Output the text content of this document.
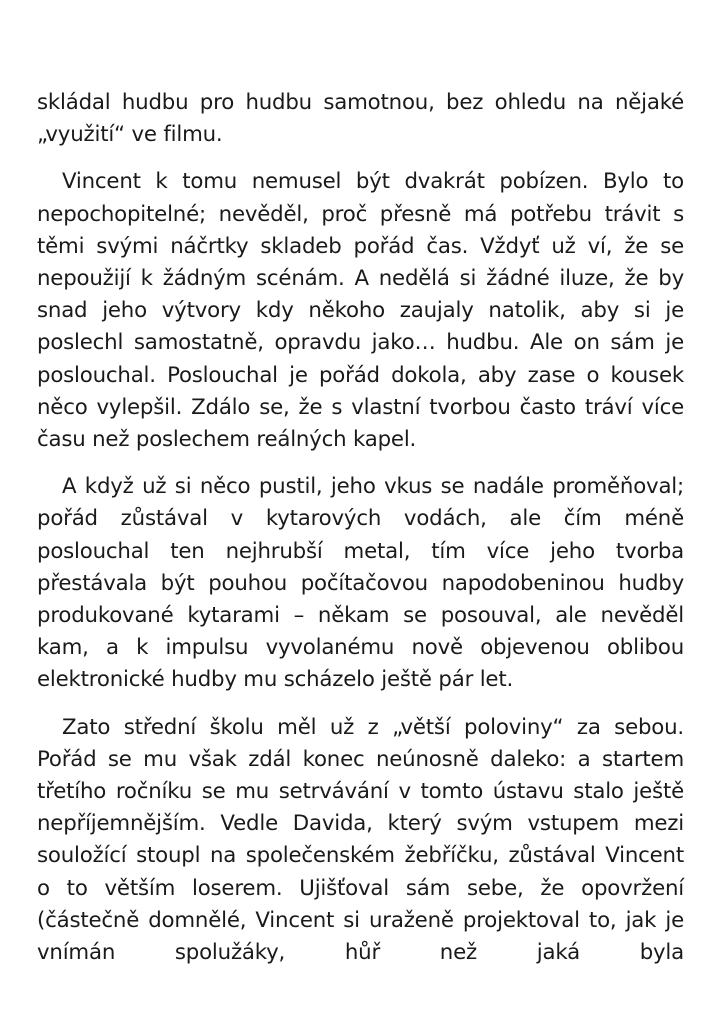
skládal hudbu pro hudbu samotnou, bez ohledu na nějaké „využití“ ve filmu.

Vincent k tomu nemusel být dvakrát pobízen. Bylo to nepochopitelné; nevěděl, proč přesně má potřebu trávit s těmi svými náčrtky skladeb pořád čas. Vždyť už ví, že se nepoužijí k žádným scénám. A nedělá si žádné iluze, že by snad jeho výtvory kdy někoho zaujaly natolik, aby si je poslechl samostatně, opravdu jako… hudbu. Ale on sám je poslouchal. Poslouchal je pořád dokola, aby zase o kousek něco vylepšil. Zdálo se, že s vlastní tvorbou často tráví více času než poslechem reálných kapel.

A když už si něco pustil, jeho vkus se nadále proměňoval; pořád zůstával v kytarových vodách, ale čím méně poslouchal ten nejhrubší metal, tím více jeho tvorba přestávala být pouhou počítačovou napodobeninou hudby produkované kytarami – někam se posouval, ale nevěděl kam, a k impulsu vyvolanému nově objevenou oblibou elektronické hudby mu scházelo ještě pár let.

Zato střední školu měl už z „větší poloviny“ za sebou. Pořád se mu však zdál konec neúnosně daleko: a startem třetího ročníku se mu setrvávání v tomto ústavu stalo ještě nepříjemnějším. Vedle Davida, který svým vstupem mezi souložící stoupl na společenském žebříčku, zůstával Vincent o to větším loserem. Ujišťoval sám sebe, že opovržení (částečně domnělé, Vincent si uraženě projektoval to, jak je vnímán spolužáky, hůř než jaká byla
